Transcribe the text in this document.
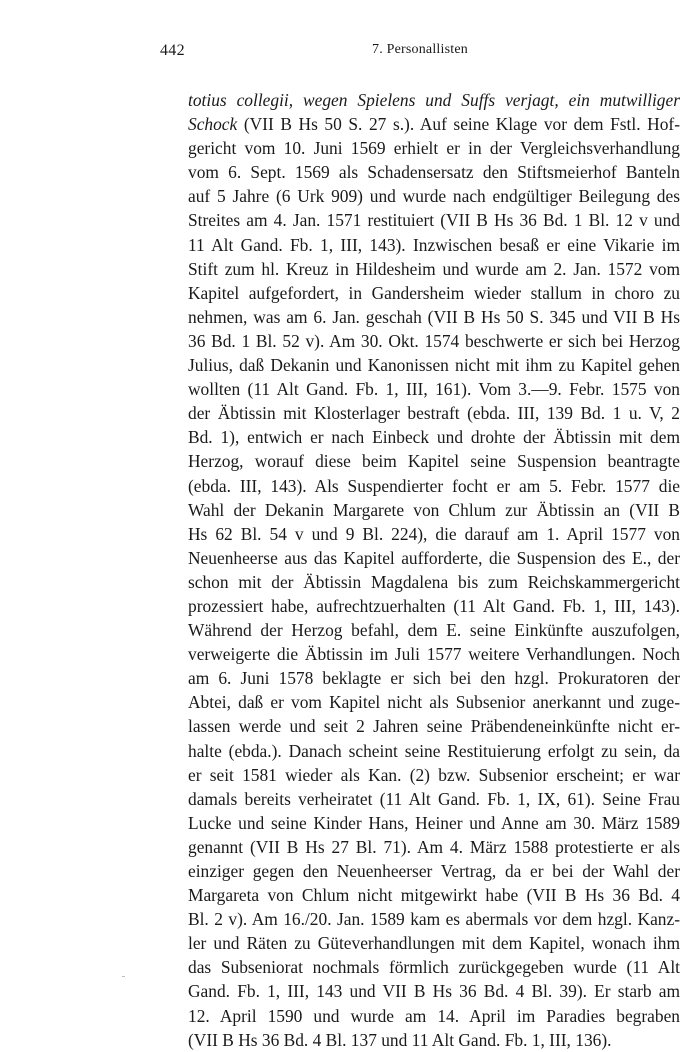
442	7. Personallisten
totius collegii, wegen Spielens und Suffs verjagt, ein mutwilliger
Schock (VII B Hs 50 S. 27 s.). Auf seine Klage vor dem Fstl. Hof-
gericht vom 10. Juni 1569 erhielt er in der Vergleichsverhandlung
vom 6. Sept. 1569 als Schadensersatz den Stiftsmeierhof Banteln
auf 5 Jahre (6 Urk 909) und wurde nach endgültiger Beilegung des
Streites am 4. Jan. 1571 restituiert (VII B Hs 36 Bd. 1 Bl. 12 v und
11 Alt Gand. Fb. 1, III, 143). Inzwischen besaß er eine Vikarie im
Stift zum hl. Kreuz in Hildesheim und wurde am 2. Jan. 1572 vom
Kapitel aufgefordert, in Gandersheim wieder stallum in choro zu
nehmen, was am 6. Jan. geschah (VII B Hs 50 S. 345 und VII B Hs
36 Bd. 1 Bl. 52 v). Am 30. Okt. 1574 beschwerte er sich bei Herzog
Julius, daß Dekanin und Kanonissen nicht mit ihm zu Kapitel gehen
wollten (11 Alt Gand. Fb. 1, III, 161). Vom 3.—9. Febr. 1575 von
der Äbtissin mit Klosterlager bestraft (ebda. III, 139 Bd. 1 u. V, 2
Bd. 1), entwich er nach Einbeck und drohte der Äbtissin mit dem
Herzog, worauf diese beim Kapitel seine Suspension beantragte
(ebda. III, 143). Als Suspendierter focht er am 5. Febr. 1577 die
Wahl der Dekanin Margarete von Chlum zur Äbtissin an (VII B
Hs 62 Bl. 54 v und 9 Bl. 224), die darauf am 1. April 1577 von
Neuenheerse aus das Kapitel aufforderte, die Suspension des E., der
schon mit der Äbtissin Magdalena bis zum Reichskammergericht
prozessiert habe, aufrechtzuerhalten (11 Alt Gand. Fb. 1, III, 143).
Während der Herzog befahl, dem E. seine Einkünfte auszufolgen,
verweigerte die Äbtissin im Juli 1577 weitere Verhandlungen. Noch
am 6. Juni 1578 beklagte er sich bei den hzgl. Prokuratoren der
Abtei, daß er vom Kapitel nicht als Subsenior anerkannt und zuge-
lassen werde und seit 2 Jahren seine Präbendeneinkünfte nicht er-
halte (ebda.). Danach scheint seine Restituierung erfolgt zu sein, da
er seit 1581 wieder als Kan. (2) bzw. Subsenior erscheint; er war
damals bereits verheiratet (11 Alt Gand. Fb. 1, IX, 61). Seine Frau
Lucke und seine Kinder Hans, Heiner und Anne am 30. März 1589
genannt (VII B Hs 27 Bl. 71). Am 4. März 1588 protestierte er als
einziger gegen den Neuenheerser Vertrag, da er bei der Wahl der
Margareta von Chlum nicht mitgewirkt habe (VII B Hs 36 Bd. 4
Bl. 2 v). Am 16./20. Jan. 1589 kam es abermals vor dem hzgl. Kanz-
ler und Räten zu Güteverhandlungen mit dem Kapitel, wonach ihm
das Subseniorat nochmals förmlich zurückgegeben wurde (11 Alt
Gand. Fb. 1, III, 143 und VII B Hs 36 Bd. 4 Bl. 39). Er starb am
12. April 1590 und wurde am 14. April im Paradies begraben
(VII B Hs 36 Bd. 4 Bl. 137 und 11 Alt Gand. Fb. 1, III, 136).
